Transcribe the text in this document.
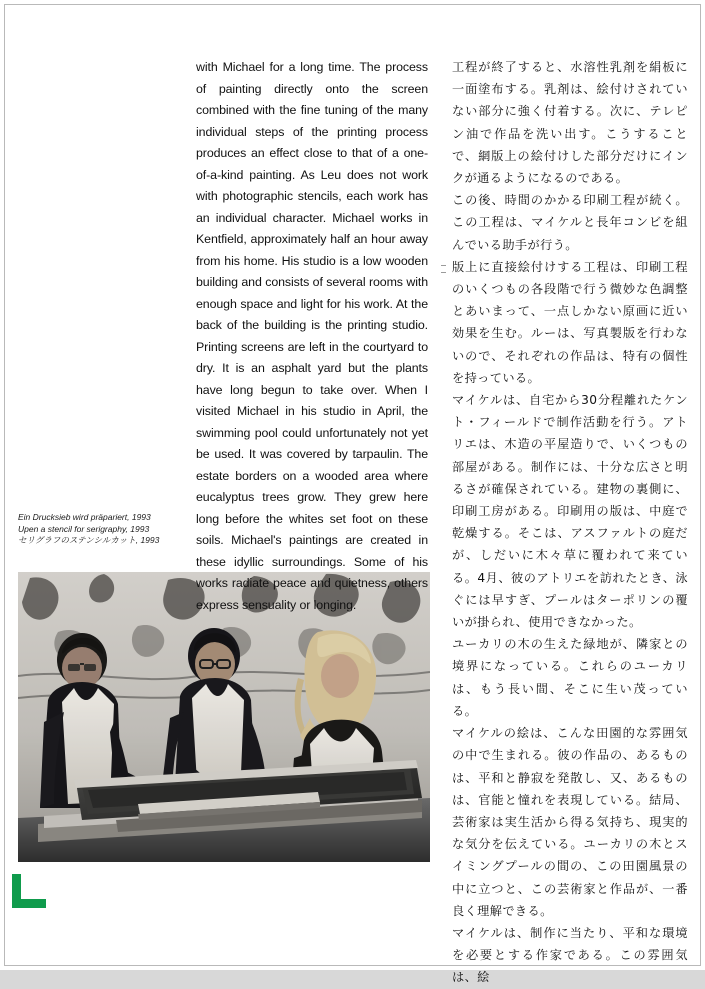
Ein Drucksieb wird präpariert, 1993
Upen a stencil for serigraphy, 1993
セリグラフのステンシルカット, 1993

with Michael for a long time. The process of painting directly onto the screen combined with the fine tuning of the many individual steps of the printing process produces an effect close to that of a one-of-a-kind painting. As Leu does not work with photographic stencils, each work has an individual character. Michael works in Kentfield, approximately half an hour away from his home. His studio is a low wooden building and consists of several rooms with enough space and light for his work. At the back of the building is the printing studio. Printing screens are left in the courtyard to dry. It is an asphalt yard but the plants have long begun to take over. When I visited Michael in his studio in April, the swimming pool could unfortunately not yet be used. It was covered by tarpaulin. The estate borders on a wooded area where eucalyptus trees grow. They grew here long before the whites set foot on these soils. Michael's paintings are created in these idyllic surroundings. Some of his works radiate peace and quietness, others express sensuality or longing.

工程が終了すると、水溶性乳剤を絹板に一面塗布する。乳剤は、絵付けされていない部分に強く付着する。次に、テレピン油で作品を洗い出す。こうすることで、網版上の絵付けした部分だけにインクが通るようになるのである。

この後、時間のかかる印刷工程が続く。この工程は、マイケルと長年コンビを組んでいる助手が行う。

版上に直接絵付けする工程は、印刷工程のいくつもの各段階で行う微妙な色調整とあいまって、一点しかない原画に近い効果を生む。ルーは、写真製版を行わないので、それぞれの作品は、特有の個性を持っている。

マイケルは、自宅から30分程離れたケント・フィールドで制作活動を行う。アトリエは、木造の平屋造りで、いくつもの部屋がある。制作には、十分な広さと明るさが確保されている。建物の裏側に、印刷工房がある。印刷用の版は、中庭で乾燥する。そこは、アスファルトの庭だが、しだいに木々草に覆われて来ている。4月、彼のアトリエを訪れたとき、泳ぐには早すぎ、プールはターポリンの覆いが掛られ、使用できなかった。

ユーカリの木の生えた緑地が、隣家との境界になっている。これらのユーカリは、もう長い間、そこに生い茂っている。

マイケルの絵は、こんな田園的な雰囲気の中で生まれる。彼の作品の、あるものは、平和と静寂を発散し、又、あるものは、官能と憧れを表現している。結局、芸術家は実生活から得る気持ち、現実的な気分を伝えている。ユーカリの木とスイミングプールの間の、この田園風景の中に立つと、この芸術家と作品が、一番良く理解できる。

マイケルは、制作に当たり、平和な環境を必要とする作家である。この雰囲気は、絵
